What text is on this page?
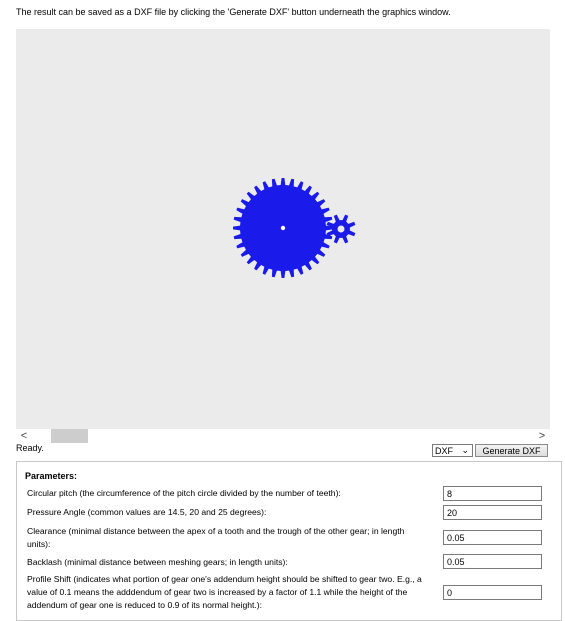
The result can be saved as a DXF file by clicking the 'Generate DXF' button underneath the graphics window.
<	>
Ready.	DXF ⌄	Generate DXF
Parameters:
Circular pitch (the circumference of the pitch circle divided by the number of teeth):
8
Pressure Angle (common values are 14.5, 20 and 25 degrees):
20
Clearance (minimal distance between the apex of a tooth and the trough of the other gear; in length units):
0.05
Backlash (minimal distance between meshing gears; in length units):
0.05
Profile Shift (indicates what portion of gear one's addendum height should be shifted to gear two. E.g., a value of 0.1 means the adddendum of gear two is increased by a factor of 1.1 while the height of the addendum of gear one is reduced to 0.9 of its normal height.):
0
